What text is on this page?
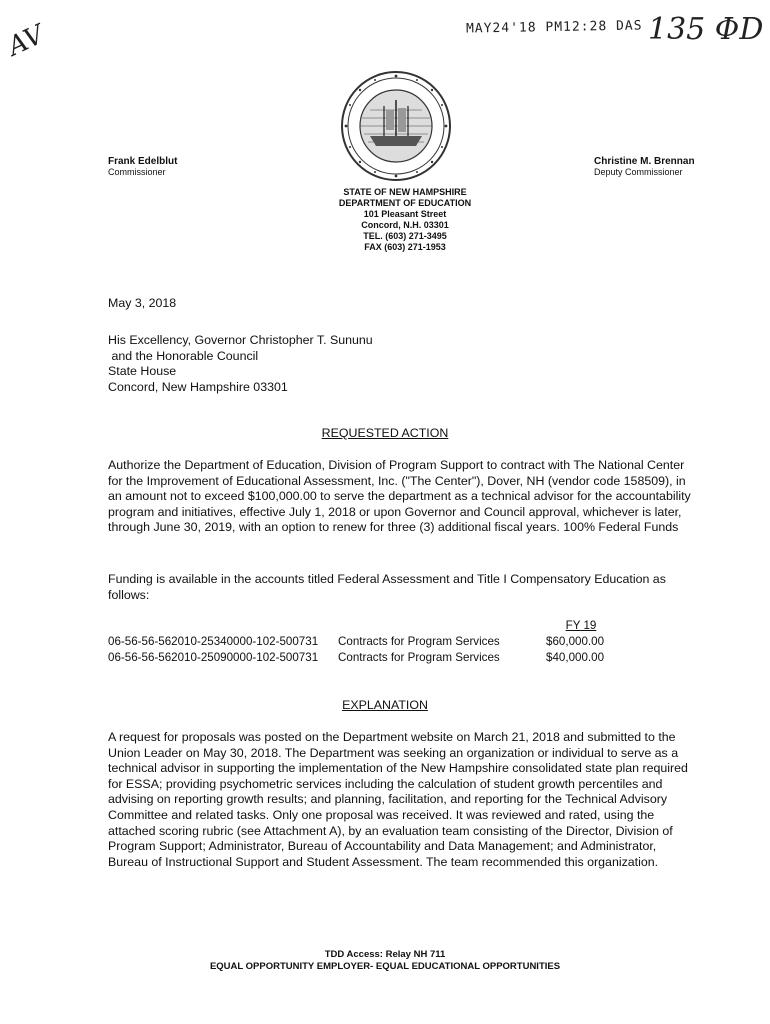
MAY24'18 PM12:28 DAS
AV	135 ΦD
Frank Edelblut
Commissioner
Christine M. Brennan
Deputy Commissioner
STATE OF NEW HAMPSHIRE
DEPARTMENT OF EDUCATION
101 Pleasant Street
Concord, N.H. 03301
TEL. (603) 271-3495
FAX (603) 271-1953
May 3, 2018
His Excellency, Governor Christopher T. Sununu
and the Honorable Council
State House
Concord, New Hampshire 03301
REQUESTED ACTION
Authorize the Department of Education, Division of Program Support to contract with The National Center for the Improvement of Educational Assessment, Inc. ("The Center"), Dover, NH (vendor code 158509), in an amount not to exceed $100,000.00 to serve the department as a technical advisor for the accountability program and initiatives, effective July 1, 2018 or upon Governor and Council approval, whichever is later, through June 30, 2019, with an option to renew for three (3) additional fiscal years. 100% Federal Funds
Funding is available in the accounts titled Federal Assessment and Title I Compensatory Education as follows:
FY 19
06-56-56-562010-25340000-102-500731 Contracts for Program Services	$60,000.00
06-56-56-562010-25090000-102-500731 Contracts for Program Services	$40,000.00
EXPLANATION
A request for proposals was posted on the Department website on March 21, 2018 and submitted to the Union Leader on May 30, 2018. The Department was seeking an organization or individual to serve as a technical advisor in supporting the implementation of the New Hampshire consolidated state plan required for ESSA; providing psychometric services including the calculation of student growth percentiles and advising on reporting growth results; and planning, facilitation, and reporting for the Technical Advisory Committee and related tasks. Only one proposal was received. It was reviewed and rated, using the attached scoring rubric (see Attachment A), by an evaluation team consisting of the Director, Division of Program Support; Administrator, Bureau of Accountability and Data Management; and Administrator, Bureau of Instructional Support and Student Assessment. The team recommended this organization.
TDD Access: Relay NH 711
EQUAL OPPORTUNITY EMPLOYER- EQUAL EDUCATIONAL OPPORTUNITIES
